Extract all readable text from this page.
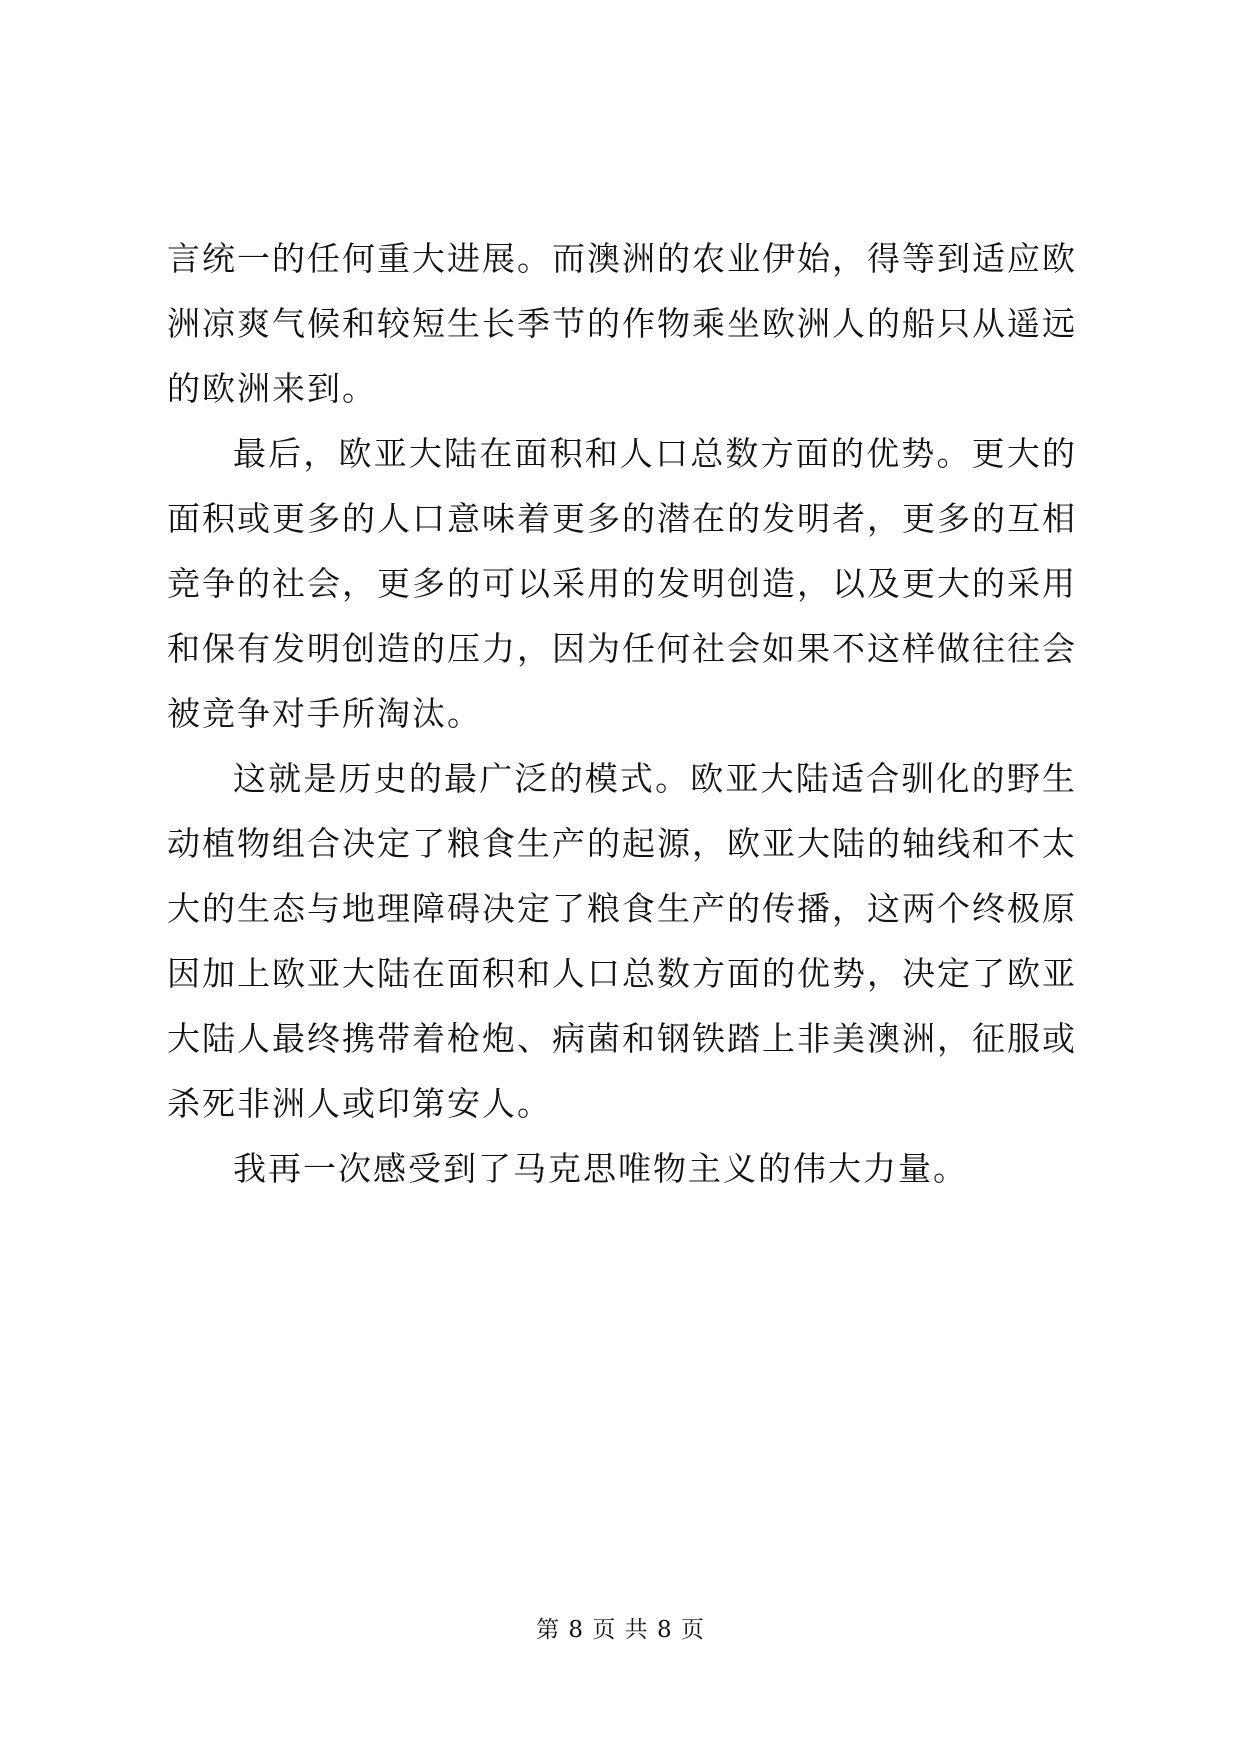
言统一的任何重大进展。而澳洲的农业伊始，得等到适应欧洲凉爽气候和较短生长季节的作物乘坐欧洲人的船只从遥远的欧洲来到。

最后，欧亚大陆在面积和人口总数方面的优势。更大的面积或更多的人口意味着更多的潜在的发明者，更多的互相竞争的社会，更多的可以采用的发明创造，以及更大的采用和保有发明创造的压力，因为任何社会如果不这样做往往会被竞争对手所淘汰。

这就是历史的最广泛的模式。欧亚大陆适合驯化的野生动植物组合决定了粮食生产的起源，欧亚大陆的轴线和不太大的生态与地理障碍决定了粮食生产的传播，这两个终极原因加上欧亚大陆在面积和人口总数方面的优势，决定了欧亚大陆人最终携带着枪炮、病菌和钢铁踏上非美澳洲，征服或杀死非洲人或印第安人。

我再一次感受到了马克思唯物主义的伟大力量。

第 8 页 共 8 页
